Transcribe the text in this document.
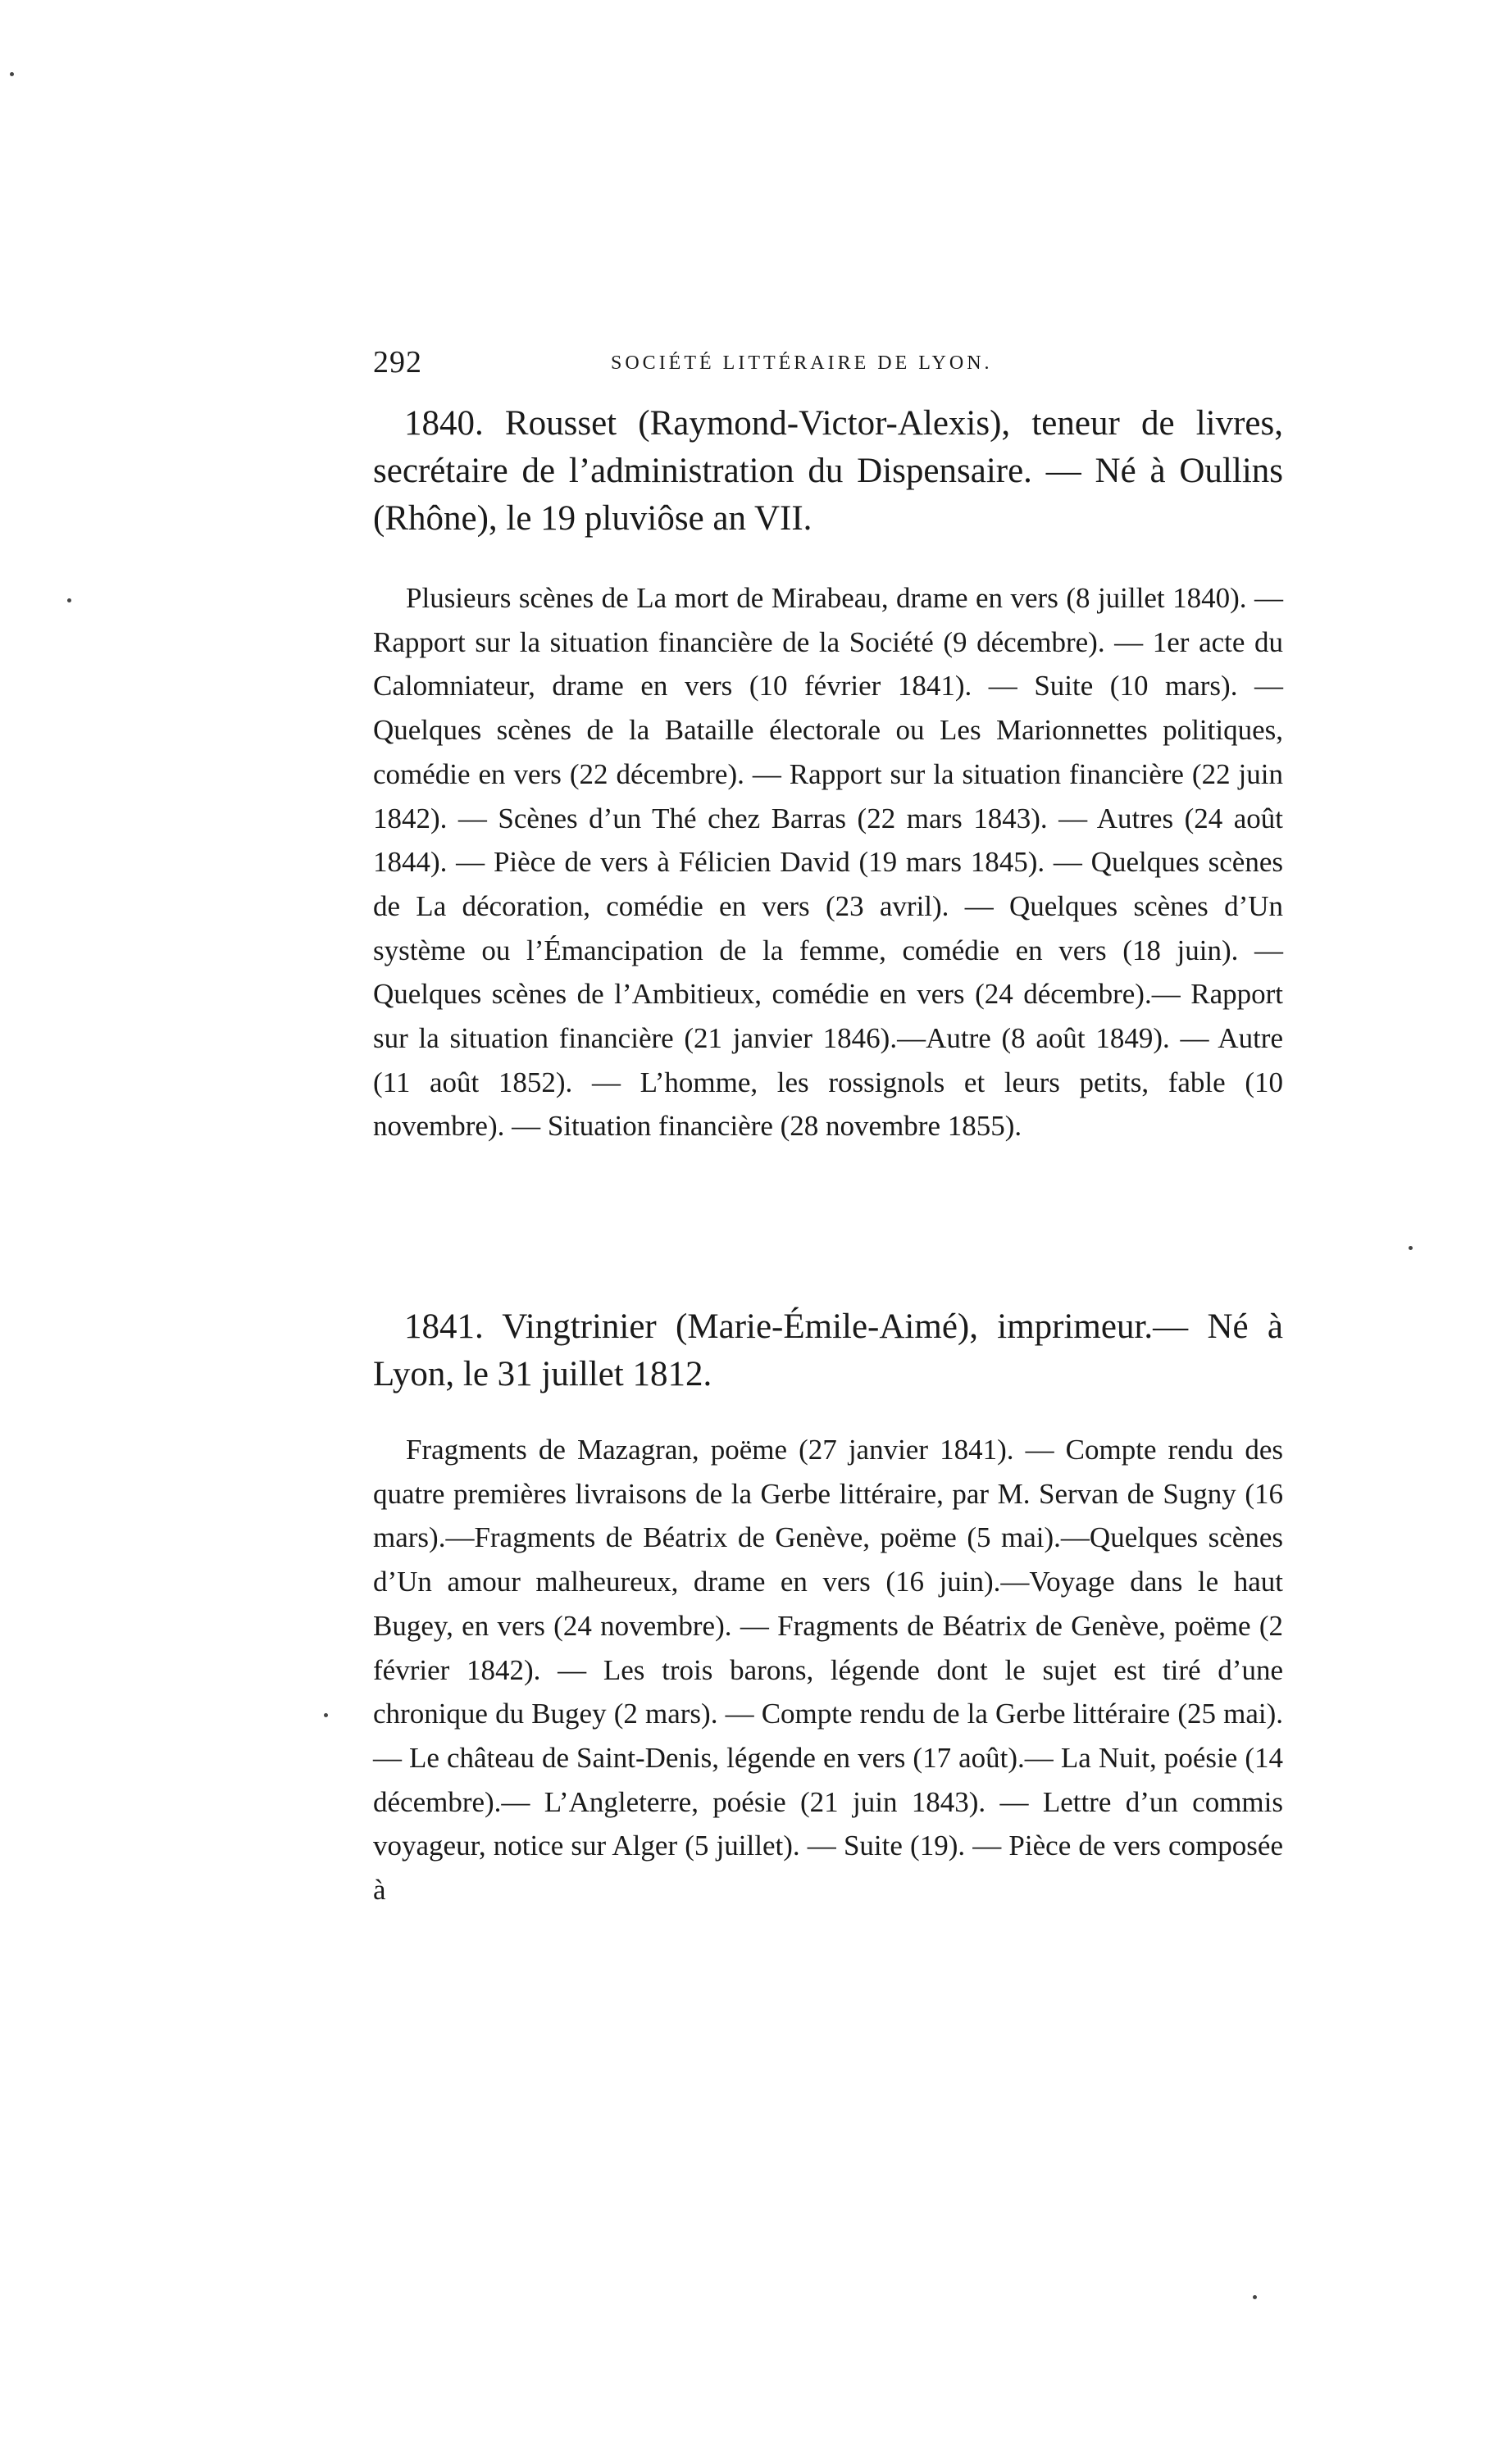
292	SOCIÉTÉ LITTÉRAIRE DE LYON.

1840. Rousset (Raymond-Victor-Alexis), teneur de livres, secrétaire de l’administration du Dispensaire. — Né à Oullins (Rhône), le 19 pluviôse an VII.

Plusieurs scènes de La mort de Mirabeau, drame en vers (8 juillet 1840). — Rapport sur la situation financière de la Société (9 décembre). — 1er acte du Calomniateur, drame en vers (10 février 1841). — Suite (10 mars). — Quelques scènes de la Bataille électorale ou Les Marionnettes politiques, comédie en vers (22 décembre). — Rapport sur la situation financière (22 juin 1842). — Scènes d’un Thé chez Barras (22 mars 1843). — Autres (24 août 1844). — Pièce de vers à Félicien David (19 mars 1845). — Quelques scènes de La décoration, comédie en vers (23 avril). — Quelques scènes d’Un système ou l’Émancipation de la femme, comédie en vers (18 juin). — Quelques scènes de l’Ambitieux, comédie en vers (24 décembre).— Rapport sur la situation financière (21 janvier 1846).—Autre (8 août 1849). — Autre (11 août 1852). — L’homme, les rossignols et leurs petits, fable (10 novembre). — Situation financière (28 novembre 1855).

1841. Vingtrinier (Marie-Émile-Aimé), imprimeur.— Né à Lyon, le 31 juillet 1812.

Fragments de Mazagran, poëme (27 janvier 1841). — Compte rendu des quatre premières livraisons de la Gerbe littéraire, par M. Servan de Sugny (16 mars).—Fragments de Béatrix de Genève, poëme (5 mai).—Quelques scènes d’Un amour malheureux, drame en vers (16 juin).—Voyage dans le haut Bugey, en vers (24 novembre). — Fragments de Béatrix de Genève, poëme (2 février 1842). — Les trois barons, légende dont le sujet est tiré d’une chronique du Bugey (2 mars). — Compte rendu de la Gerbe littéraire (25 mai). — Le château de Saint-Denis, légende en vers (17 août).— La Nuit, poésie (14 décembre).— L’Angleterre, poésie (21 juin 1843). — Lettre d’un commis voyageur, notice sur Alger (5 juillet). — Suite (19). — Pièce de vers composée à
